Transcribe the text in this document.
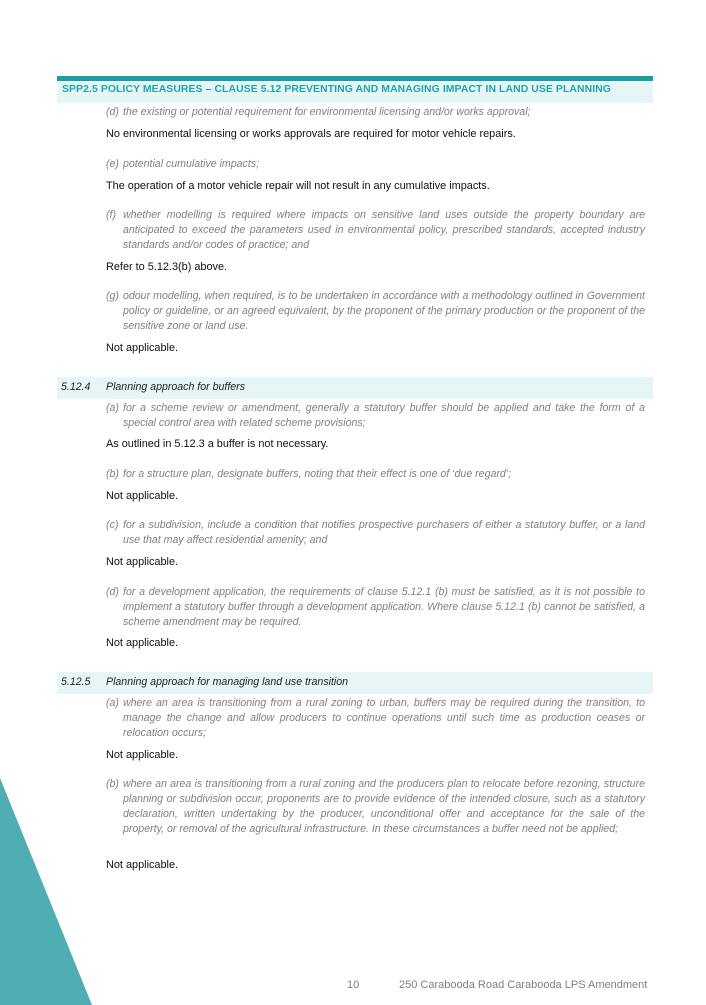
SPP2.5 POLICY MEASURES – CLAUSE 5.12 PREVENTING AND MANAGING IMPACT IN LAND USE PLANNING
(d) the existing or potential requirement for environmental licensing and/or works approval;
No environmental licensing or works approvals are required for motor vehicle repairs.
(e) potential cumulative impacts;
The operation of a motor vehicle repair will not result in any cumulative impacts.
(f) whether modelling is required where impacts on sensitive land uses outside the property boundary are anticipated to exceed the parameters used in environmental policy, prescribed standards, accepted industry standards and/or codes of practice; and
Refer to 5.12.3(b) above.
(g) odour modelling, when required, is to be undertaken in accordance with a methodology outlined in Government policy or guideline, or an agreed equivalent, by the proponent of the primary production or the proponent of the sensitive zone or land use.
Not applicable.
5.12.4 Planning approach for buffers
(a) for a scheme review or amendment, generally a statutory buffer should be applied and take the form of a special control area with related scheme provisions;
As outlined in 5.12.3 a buffer is not necessary.
(b) for a structure plan, designate buffers, noting that their effect is one of ‘due regard’;
Not applicable.
(c) for a subdivision, include a condition that notifies prospective purchasers of either a statutory buffer, or a land use that may affect residential amenity; and
Not applicable.
(d) for a development application, the requirements of clause 5.12.1 (b) must be satisfied, as it is not possible to implement a statutory buffer through a development application. Where clause 5.12.1 (b) cannot be satisfied, a scheme amendment may be required.
Not applicable.
5.12.5 Planning approach for managing land use transition
(a) where an area is transitioning from a rural zoning to urban, buffers may be required during the transition, to manage the change and allow producers to continue operations until such time as production ceases or relocation occurs;
Not applicable.
(b) where an area is transitioning from a rural zoning and the producers plan to relocate before rezoning, structure planning or subdivision occur, proponents are to provide evidence of the intended closure, such as a statutory declaration, written undertaking by the producer, unconditional offer and acceptance for the sale of the property, or removal of the agricultural infrastructure. In these circumstances a buffer need not be applied;
Not applicable.
10	250 Carabooda Road Carabooda LPS Amendment
